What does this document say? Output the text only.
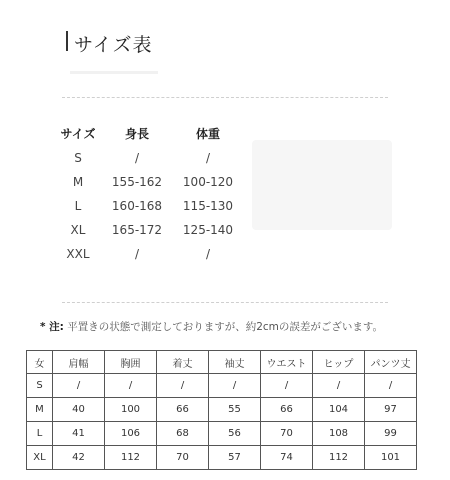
サイズ表
サイズ	身長	体重
S	/	/
M	155-162	100-120
L	160-168	115-130
XL	165-172	125-140
XXL	/	/
* 注: 平置きの状態で測定しておりますが、約2cmの誤差がございます。
女	肩幅	胸囲	着丈	袖丈	ウエスト	ヒップ	パンツ丈
S	/	/	/	/	/	/	/
M	40	100	66	55	66	104	97
L	41	106	68	56	70	108	99
XL	42	112	70	57	74	112	101
